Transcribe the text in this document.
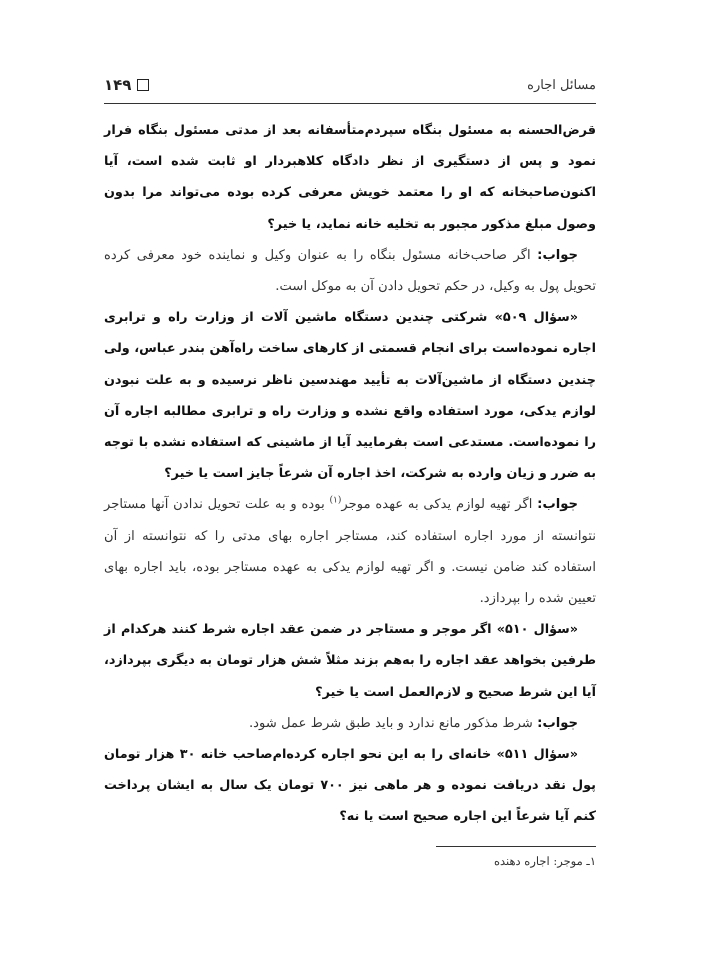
مسائل اجاره
۱۴۹

قرض‌الحسنه به مسئول بنگاه سپردم‌متأسفانه بعد از مدتی مسئول بنگاه فرار نمود و پس از دستگیری از نظر دادگاه کلاهبردار او ثابت شده است، آیا اکنون‌صاحبخانه که او را معتمد خویش معرفی کرده بوده می‌تواند مرا بدون وصول مبلغ مذکور مجبور به تخلیه خانه نماید، یا خیر؟

جواب: اگر صاحب‌خانه مسئول بنگاه را به عنوان وکیل و نماینده خود معرفی کرده تحویل پول به وکیل، در حکم تحویل دادن آن به موکل است.

«سؤال ۵۰۹» شرکتی چندین دستگاه ماشین آلات از وزارت راه و ترابری اجاره نموده‌است برای انجام قسمتی از کارهای ساخت راه‌آهن بندر عباس، ولی چندین دستگاه از ماشین‌آلات به تأیید مهندسین ناظر نرسیده و به علت نبودن لوازم یدکی، مورد استفاده واقع نشده و وزارت راه و ترابری مطالبه اجاره آن را نموده‌است. مستدعی است بفرمایید آیا از ماشینی که استفاده نشده با توجه به ضرر و زیان وارده به شرکت، اخذ اجاره آن شرعاً جایز است یا خیر؟

جواب: اگر تهیه لوازم یدکی به عهده موجر$^{(۱)}$ بوده و به علت تحویل ندادن آنها مستاجر نتوانسته از مورد اجاره استفاده کند، مستاجر اجاره بهای مدتی را که نتوانسته از آن استفاده کند ضامن نیست. و اگر تهیه لوازم یدکی به عهده مستاجر بوده، باید اجاره بهای تعیین شده را بپردازد.

«سؤال ۵۱۰» اگر موجر و مستاجر در ضمن عقد اجاره شرط کنند هرکدام از طرفین بخواهد عقد اجاره را به‌هم بزند مثلاً شش هزار تومان به دیگری بپردازد، آیا این شرط صحیح و لازم‌العمل است یا خیر؟

جواب: شرط مذکور مانع ندارد و باید طبق شرط عمل شود.

«سؤال ۵۱۱» خانه‌ای را به این نحو اجاره کرده‌ام‌صاحب خانه ۳۰ هزار تومان پول نقد دریافت نموده و هر ماهی نیز ۷۰۰ تومان یک سال به ایشان پرداخت کنم آیا شرعاً این اجاره صحیح است یا نه؟

۱ـ موجر: اجاره دهنده
